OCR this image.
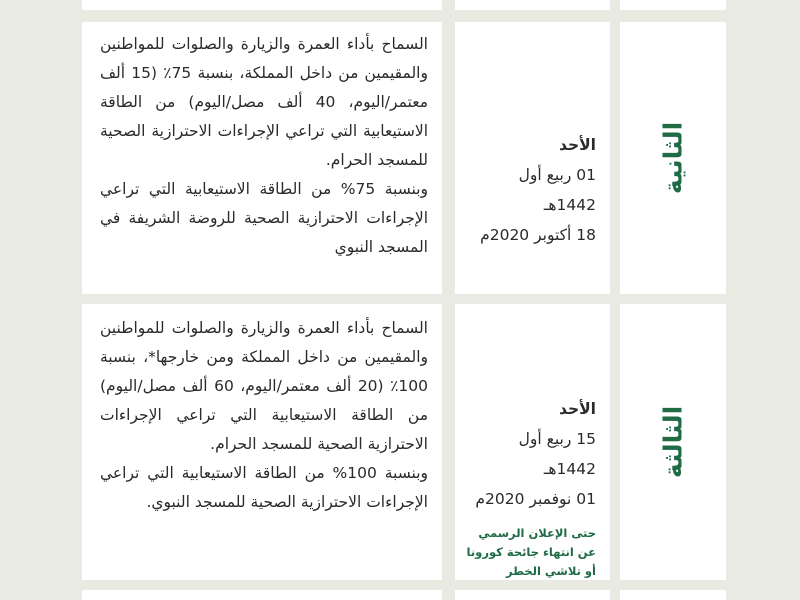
السماح بأداء العمرة والزيارة والصلوات للمواطنين والمقيمين من داخل المملكة، بنسبة 75٪ (15 ألف معتمر/اليوم، 40 ألف مصل/اليوم) من الطاقة الاستيعابية التي تراعي الإجراءات الاحترازية الصحية للمسجد الحرام.

وبنسبة 75% من الطاقة الاستيعابية التي تراعي الإجراءات الاحترازية الصحية للروضة الشريفة في المسجد النبوي

الأحد
01 ربيع أول 1442هـ
18 أكتوبر 2020م
الثانية

السماح بأداء العمرة والزيارة والصلوات للمواطنين والمقيمين من داخل المملكة ومن خارجها*، بنسبة 100٪ (20 ألف معتمر/اليوم، 60 ألف مصل/اليوم) من الطاقة الاستيعابية التي تراعي الإجراءات الاحترازية الصحية للمسجد الحرام.

وبنسبة 100% من الطاقة الاستيعابية التي تراعي الإجراءات الاحترازية الصحية للمسجد النبوي.

الأحد
15 ربيع أول 1442هـ
01 نوفمبر 2020م
حتى الإعلان الرسمي عن انتهاء جائحة كورونا أو تلاشي الخطر
الثالثة
